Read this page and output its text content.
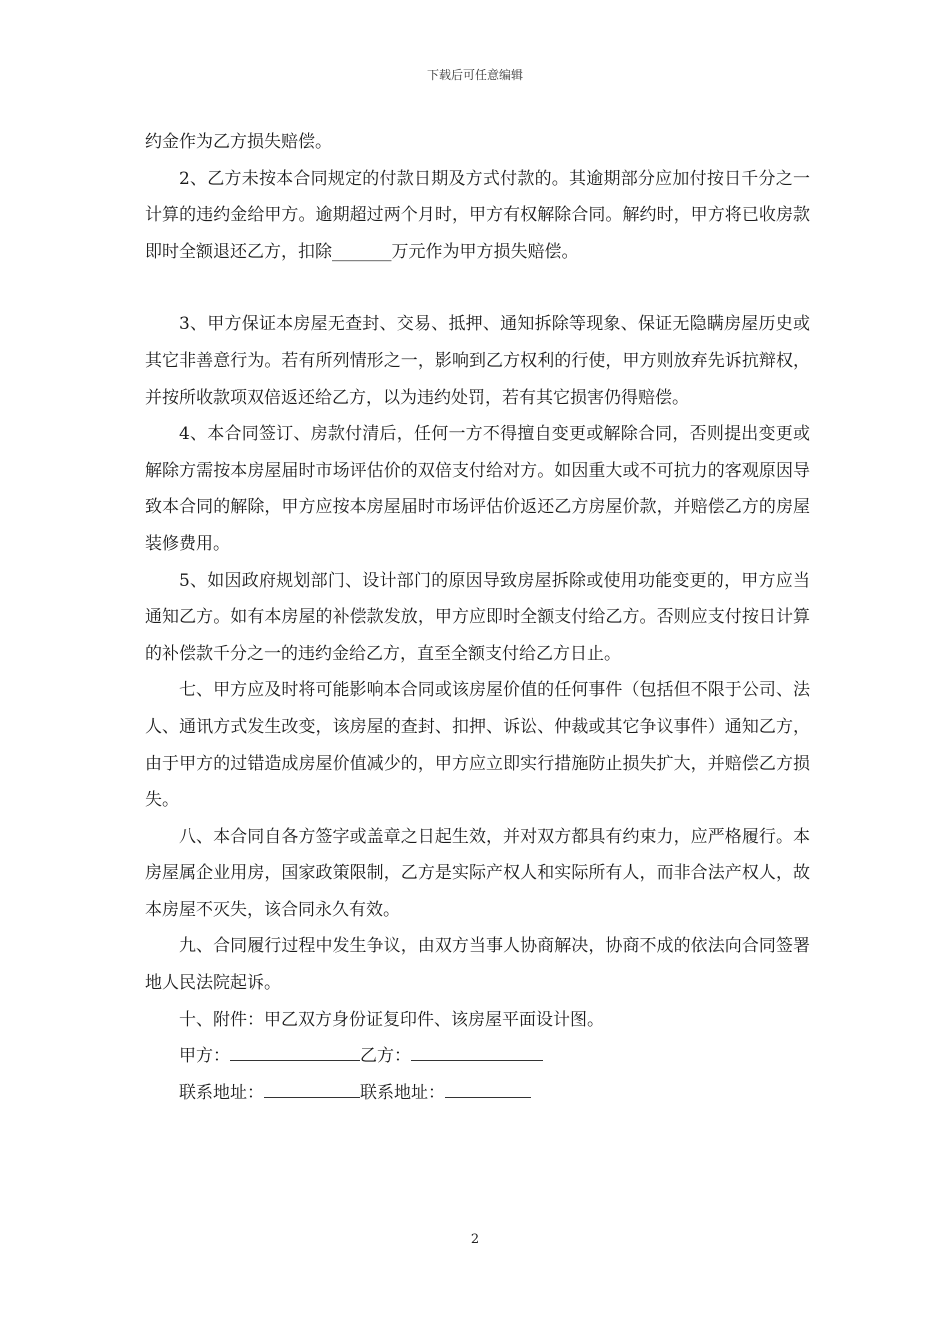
下载后可任意编辑

约金作为乙方损失赔偿。

2、乙方未按本合同规定的付款日期及方式付款的。其逾期部分应加付按日千分之一计算的违约金给甲方。逾期超过两个月时，甲方有权解除合同。解约时，甲方将已收房款即时全额退还乙方，扣除_______万元作为甲方损失赔偿。

3、甲方保证本房屋无查封、交易、抵押、通知拆除等现象、保证无隐瞒房屋历史或其它非善意行为。若有所列情形之一，影响到乙方权利的行使，甲方则放弃先诉抗辩权，并按所收款项双倍返还给乙方，以为违约处罚，若有其它损害仍得赔偿。

4、本合同签订、房款付清后，任何一方不得擅自变更或解除合同，否则提出变更或解除方需按本房屋届时市场评估价的双倍支付给对方。如因重大或不可抗力的客观原因导致本合同的解除，甲方应按本房屋届时市场评估价返还乙方房屋价款，并赔偿乙方的房屋装修费用。

5、如因政府规划部门、设计部门的原因导致房屋拆除或使用功能变更的，甲方应当通知乙方。如有本房屋的补偿款发放，甲方应即时全额支付给乙方。否则应支付按日计算的补偿款千分之一的违约金给乙方，直至全额支付给乙方日止。

七、甲方应及时将可能影响本合同或该房屋价值的任何事件（包括但不限于公司、法人、通讯方式发生改变，该房屋的查封、扣押、诉讼、仲裁或其它争议事件）通知乙方，由于甲方的过错造成房屋价值减少的，甲方应立即实行措施防止损失扩大，并赔偿乙方损失。

八、本合同自各方签字或盖章之日起生效，并对双方都具有约束力，应严格履行。本房屋属企业用房，国家政策限制，乙方是实际产权人和实际所有人，而非合法产权人，故本房屋不灭失，该合同永久有效。

九、合同履行过程中发生争议，由双方当事人协商解决，协商不成的依法向合同签署地人民法院起诉。

十、附件：甲乙双方身份证复印件、该房屋平面设计图。

甲方：	乙方：

联系地址：	联系地址：

2
